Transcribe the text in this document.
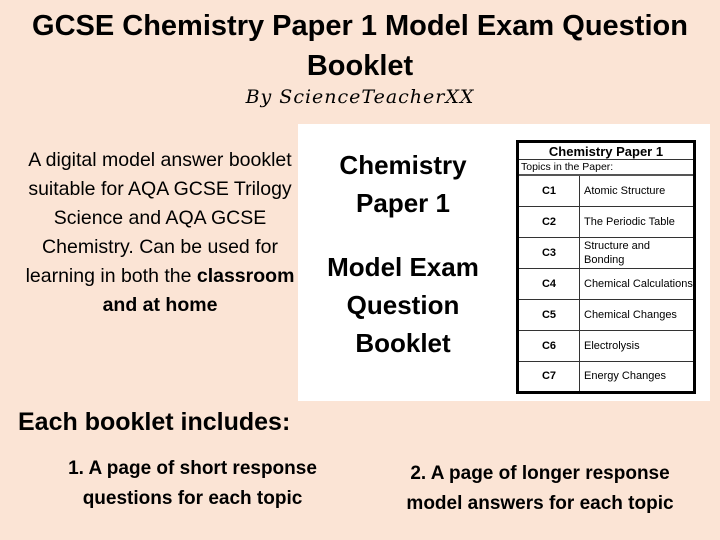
GCSE Chemistry Paper 1 Model Exam Question Booklet
By ScienceTeacherXX
A digital model answer booklet suitable for AQA GCSE Trilogy Science and AQA GCSE Chemistry. Can be used for learning in both the classroom and at home
Chemistry Paper 1
Model Exam Question Booklet
Chemistry Paper 1	
Topics in the Paper:	
C1	Atomic Structure
C2	The Periodic Table
C3	Structure and Bonding
C4	Chemical Calculations
C5	Chemical Changes
C6	Electrolysis
C7	Energy Changes
Each booklet includes:
1. A page of short response questions for each topic
2. A page of longer response model answers for each topic
